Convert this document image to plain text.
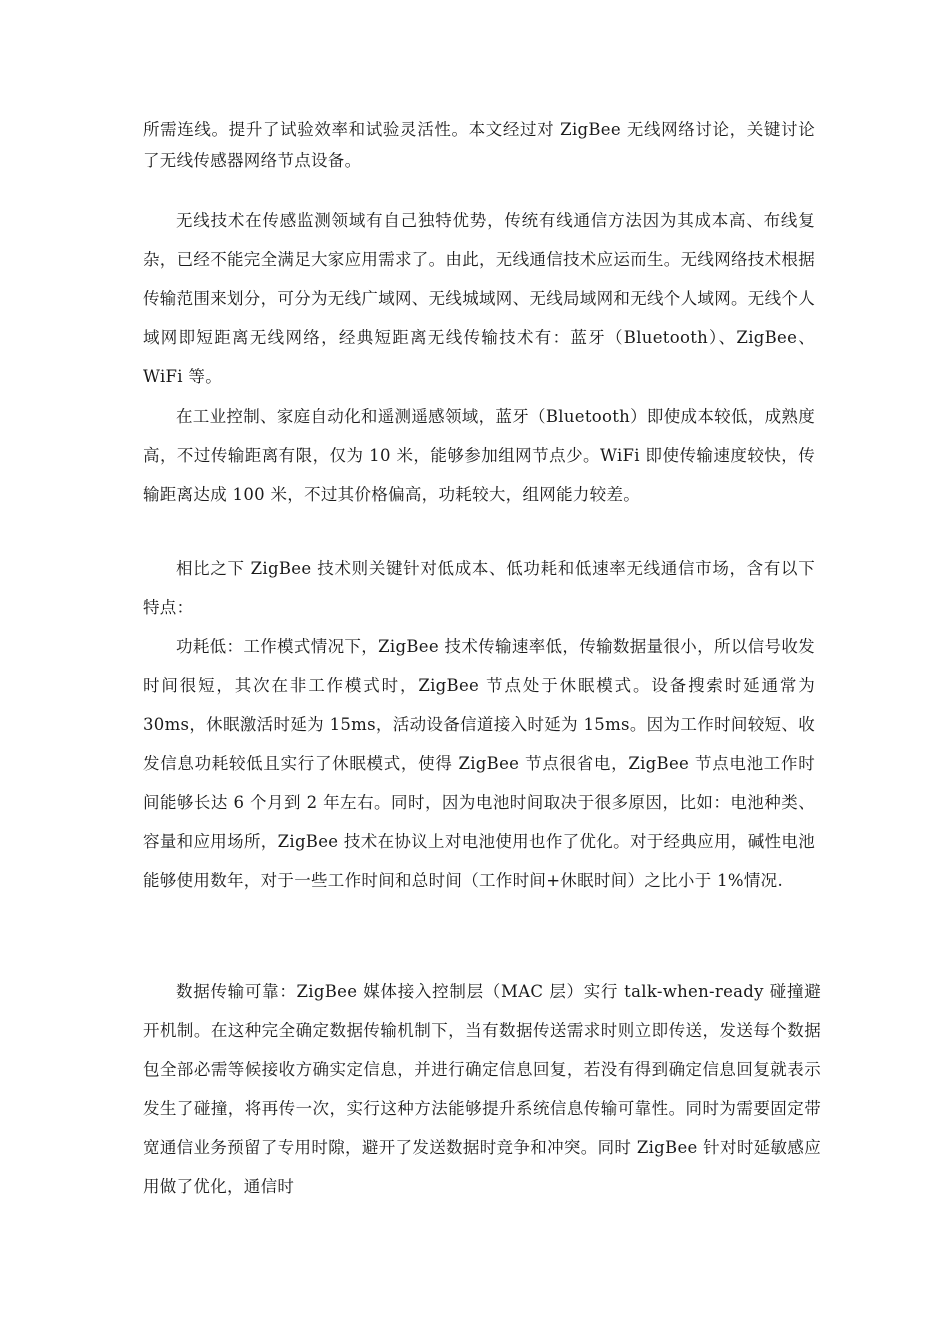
所需连线。提升了试验效率和试验灵活性。本文经过对 ZigBee 无线网络讨论，关键讨论了无线传感器网络节点设备。

无线技术在传感监测领域有自己独特优势，传统有线通信方法因为其成本高、布线复杂，已经不能完全满足大家应用需求了。由此，无线通信技术应运而生。无线网络技术根据传输范围来划分，可分为无线广域网、无线城域网、无线局域网和无线个人域网。无线个人域网即短距离无线网络，经典短距离无线传输技术有：蓝牙（Bluetooth）、ZigBee、WiFi 等。

在工业控制、家庭自动化和遥测遥感领域，蓝牙（Bluetooth）即使成本较低，成熟度高，不过传输距离有限，仅为 10 米，能够参加组网节点少。WiFi 即使传输速度较快，传输距离达成 100 米，不过其价格偏高，功耗较大，组网能力较差。

相比之下 ZigBee 技术则关键针对低成本、低功耗和低速率无线通信市场，含有以下特点：

功耗低：工作模式情况下，ZigBee 技术传输速率低，传输数据量很小，所以信号收发时间很短，其次在非工作模式时，ZigBee 节点处于休眠模式。设备搜索时延通常为 30ms，休眠激活时延为 15ms，活动设备信道接入时延为 15ms。因为工作时间较短、收发信息功耗较低且实行了休眠模式，使得 ZigBee 节点很省电，ZigBee 节点电池工作时间能够长达 6 个月到 2 年左右。同时，因为电池时间取决于很多原因，比如：电池种类、容量和应用场所，ZigBee 技术在协议上对电池使用也作了优化。对于经典应用，碱性电池能够使用数年，对于一些工作时间和总时间（工作时间+休眠时间）之比小于 1%情况.

数据传输可靠：ZigBee 媒体接入控制层（MAC 层）实行 talk-when-ready 碰撞避开机制。在这种完全确定数据传输机制下，当有数据传送需求时则立即传送，发送每个数据包全部必需等候接收方确实定信息，并进行确定信息回复，若没有得到确定信息回复就表示发生了碰撞，将再传一次，实行这种方法能够提升系统信息传输可靠性。同时为需要固定带宽通信业务预留了专用时隙，避开了发送数据时竞争和冲突。同时 ZigBee 针对时延敏感应用做了优化，通信时
